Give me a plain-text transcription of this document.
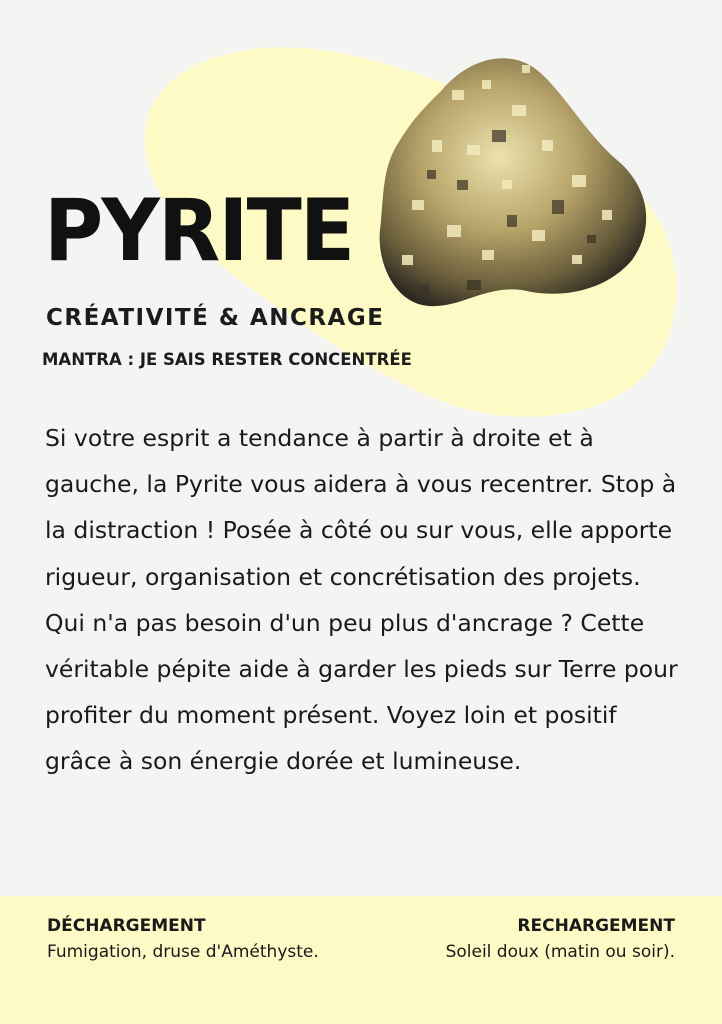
PYRITE
CRÉATIVITÉ & ANCRAGE

MANTRA : JE SAIS RESTER CONCENTRÉE

Si votre esprit a tendance à partir à droite et à gauche, la Pyrite vous aidera à vous recentrer. Stop à la distraction ! Posée à côté ou sur vous, elle apporte rigueur, organisation et concrétisation des projets. Qui n'a pas besoin d'un peu plus d'ancrage ? Cette véritable pépite aide à garder les pieds sur Terre pour profiter du moment présent. Voyez loin et positif grâce à son énergie dorée et lumineuse.

DÉCHARGEMENT

Fumigation, druse d'Améthyste.

RECHARGEMENT

Soleil doux (matin ou soir).
